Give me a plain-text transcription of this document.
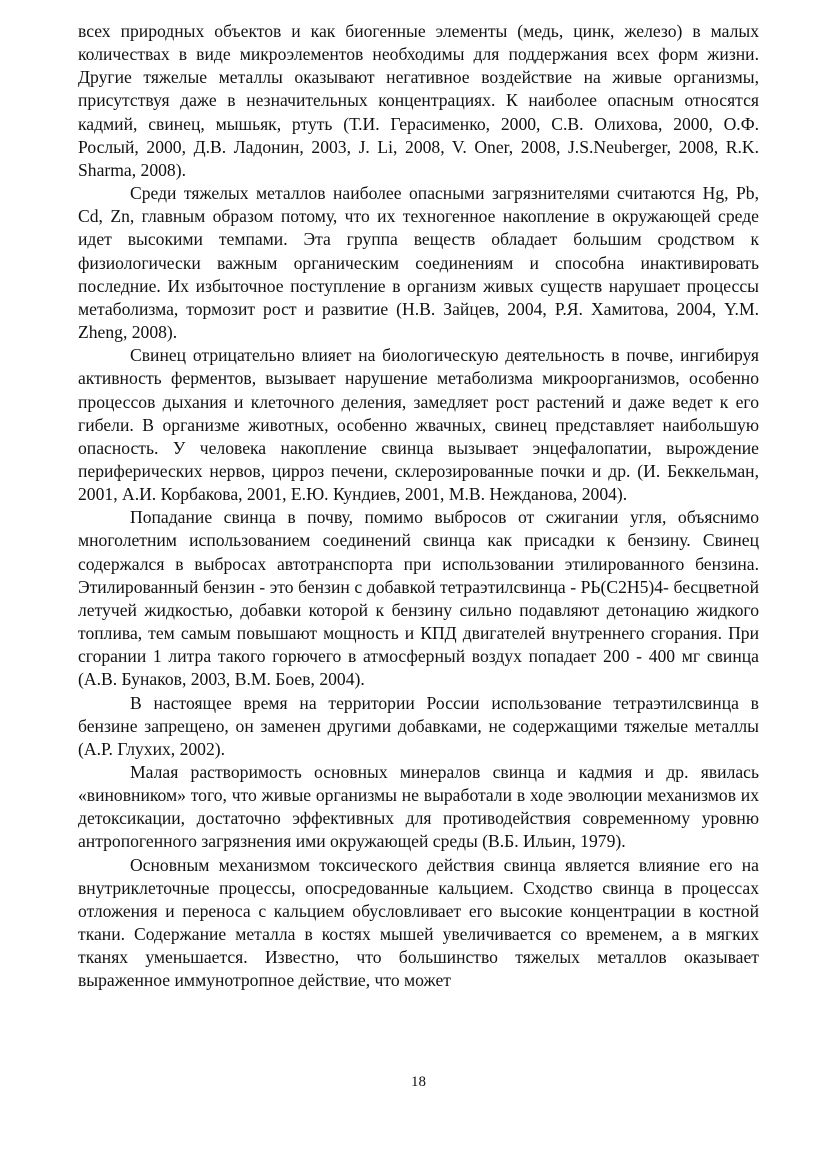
всех природных объектов и как биогенные элементы (медь, цинк, железо) в малых количествах в виде микроэлементов необходимы для поддержания всех форм жизни. Другие тяжелые металлы оказывают негативное воздействие на живые организмы, присутствуя даже в незначительных концентрациях. К наиболее опасным относятся кадмий, свинец, мышьяк, ртуть (Т.И. Герасименко, 2000, С.В. Олихова, 2000, О.Ф. Рослый, 2000, Д.В. Ладонин, 2003, J. Li, 2008, V. Oner, 2008, J.S.Neuberger, 2008, R.K. Sharma, 2008).

Среди тяжелых металлов наиболее опасными загрязнителями считаются Hg, Pb, Cd, Zn, главным образом потому, что их техногенное накопление в окружающей среде идет высокими темпами. Эта группа веществ обладает большим сродством к физиологически важным органическим соединениям и способна инактивировать последние. Их избыточное поступление в организм живых существ нарушает процессы метаболизма, тормозит рост и развитие (Н.В. Зайцев, 2004, Р.Я. Хамитова, 2004, Y.M. Zheng, 2008).

Свинец отрицательно влияет на биологическую деятельность в почве, ингибируя активность ферментов, вызывает нарушение метаболизма микроорганизмов, особенно процессов дыхания и клеточного деления, замедляет рост растений и даже ведет к его гибели. В организме животных, особенно жвачных, свинец представляет наибольшую опасность. У человека накопление свинца вызывает энцефалопатии, вырождение периферических нервов, цирроз печени, склерозированные почки и др. (И. Беккельман, 2001, А.И. Корбакова, 2001, Е.Ю. Кундиев, 2001, М.В. Нежданова, 2004).

Попадание свинца в почву, помимо выбросов от сжигании угля, объяснимо многолетним использованием соединений свинца как присадки к бензину. Свинец содержался в выбросах автотранспорта при использовании этилированного бензина. Этилированный бензин - это бензин с добавкой тетраэтилсвинца - РЬ(С2Н5)4- бесцветной летучей жидкостью, добавки которой к бензину сильно подавляют детонацию жидкого топлива, тем самым повышают мощность и КПД двигателей внутреннего сгорания. При сгорании 1 литра такого горючего в атмосферный воздух попадает 200 - 400 мг свинца (А.В. Бунаков, 2003, В.М. Боев, 2004).

В настоящее время на территории России использование тетраэтилсвинца в бензине запрещено, он заменен другими добавками, не содержащими тяжелые металлы (А.Р. Глухих, 2002).

Малая растворимость основных минералов свинца и кадмия и др. явилась «виновником» того, что живые организмы не выработали в ходе эволюции механизмов их детоксикации, достаточно эффективных для противодействия современному уровню антропогенного загрязнения ими окружающей среды (В.Б. Ильин, 1979).

Основным механизмом токсического действия свинца является влияние его на внутриклеточные процессы, опосредованные кальцием. Сходство свинца в процессах отложения и переноса с кальцием обусловливает его высокие концентрации в костной ткани. Содержание металла в костях мышей увеличивается со временем, а в мягких тканях уменьшается. Известно, что большинство тяжелых металлов оказывает выраженное иммунотропное действие, что может

18
